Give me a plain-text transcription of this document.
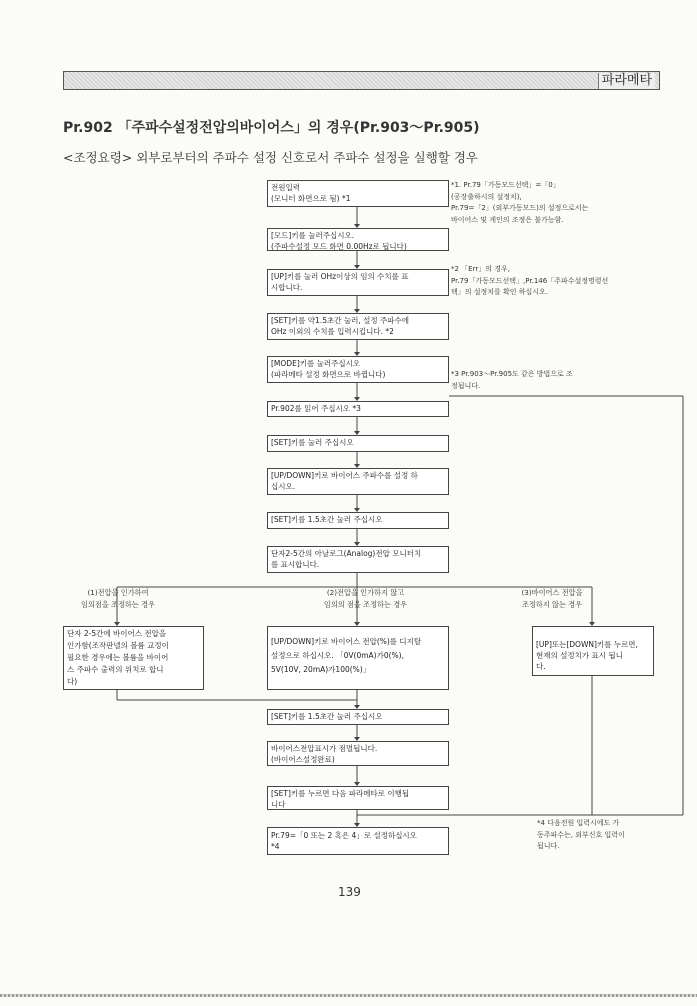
파라메타
Pr.902 「주파수설정전압의바이어스」의 경우(Pr.903～Pr.905)
<조정요령> 외부로부터의 주파수 설정 신호로서 주파수 설정을 실행할 경우
전원입력
(모니터 화면으로 됨) *1
[모드]키를 눌러주십시오.
(주파수설정 모드 화면 0.00Hz로 됩니다)
[UP]키를 눌러 OHz이상의 임의 수치를 표
시합니다.
[SET]키를 약1.5초간 눌러, 설정 주파수에
OHz 이외의 수치를 입력시킵니다. *2
[MODE]키를 눌러주십시오
(파라메타 설정 화면으로 바뀝니다)
Pr.902를 읽어 주십시오 *3
[SET]키를 눌러 주십시오
[UP/DOWN]키로 바이어스 주파수를 설정 하
십시오.
[SET]키를 1.5초간 눌러 주십시오
단자2-5간의 아날로그(Analog)전압 모니터치
를 표시합니다.
(1)전압을 인가하여
임의점을 조정하는 경우
(2)전압을 인가하지 않고
임의의 점을 조정하는 경우
(3)바이어스 전압을
조정하지 않는 경우
단자 2-5간에 바이어스 전압을
인가함(조작판넬의 볼륨 교정이
필요한 경우에는 볼륨을 바이어
스 주파수 출력의 위치로 합니
다)
[UP/DOWN]키로 바이어스 전압(%)를 디지탈
설정으로 하십시오. 「0V(0mA)가0(%),
5V(10V, 20mA)가100(%)」
[UP]또는[DOWN]키를 누르면,
현재의 설정치가 표시 됩니
다.
[SET]키를 1.5초간 눌러 주십시오
바이어스전압표시가 점멸됩니다.
(바이어스설정완료)
[SET]키를 누르면 다음 파라메타로 이행됩
니다
Pr.79=「0 또는 2 혹은 4」로 설정하십시오
*4
*1. Pr.79「가동모드선택」=「0」
(공장출하시의 설정치),
Pr.79=「2」(외부가동모드)의 설정으로서는
바이어스 및 게인의 조정은 불가능함.
*2 「Err」의 경우,
Pr.79「가동모드선택」,Pr.146「주파수설정명령선
택」의 설정치를 확인 하십시오.
*3 Pr.903～Pr.905도 같은 방법으로 조
정됩니다.
*4 다음전원 입력시에도 가
동주파수는, 외부신호 입력이
됩니다.
139
